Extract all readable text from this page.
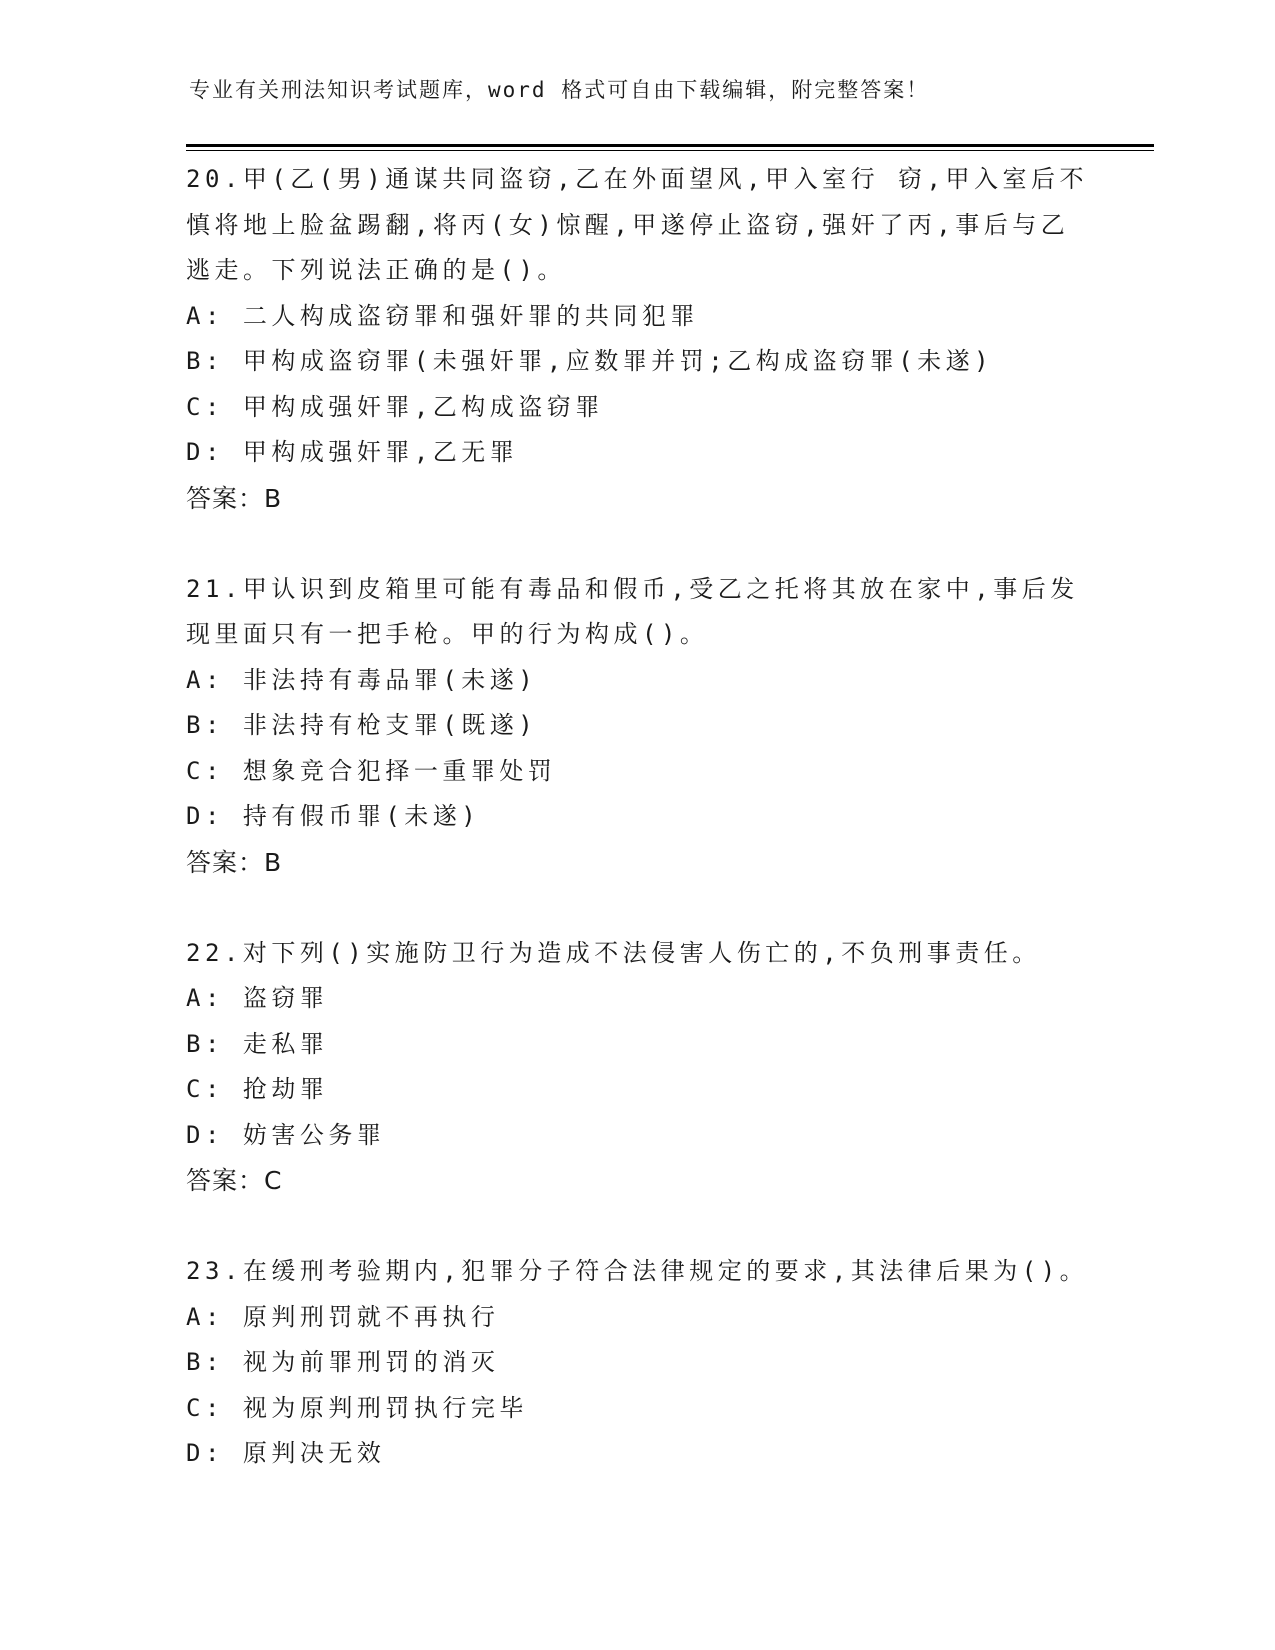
专业有关刑法知识考试题库，word 格式可自由下载编辑，附完整答案！
20.甲(乙(男)通谋共同盗窃,乙在外面望风,甲入室行 窃,甲入室后不
慎将地上脸盆踢翻,将丙(女)惊醒,甲遂停止盗窃,强奸了丙,事后与乙
逃走。下列说法正确的是()。
A: 二人构成盗窃罪和强奸罪的共同犯罪
B: 甲构成盗窃罪(未强奸罪,应数罪并罚;乙构成盗窃罪(未遂)
C: 甲构成强奸罪,乙构成盗窃罪
D: 甲构成强奸罪,乙无罪
答案：B
21.甲认识到皮箱里可能有毒品和假币,受乙之托将其放在家中,事后发
现里面只有一把手枪。甲的行为构成()。
A: 非法持有毒品罪(未遂)
B: 非法持有枪支罪(既遂)
C: 想象竞合犯择一重罪处罚
D: 持有假币罪(未遂)
答案：B
22.对下列()实施防卫行为造成不法侵害人伤亡的,不负刑事责任。
A: 盗窃罪
B: 走私罪
C: 抢劫罪
D: 妨害公务罪
答案：C
23.在缓刑考验期内,犯罪分子符合法律规定的要求,其法律后果为()。
A: 原判刑罚就不再执行
B: 视为前罪刑罚的消灭
C: 视为原判刑罚执行完毕
D: 原判决无效
